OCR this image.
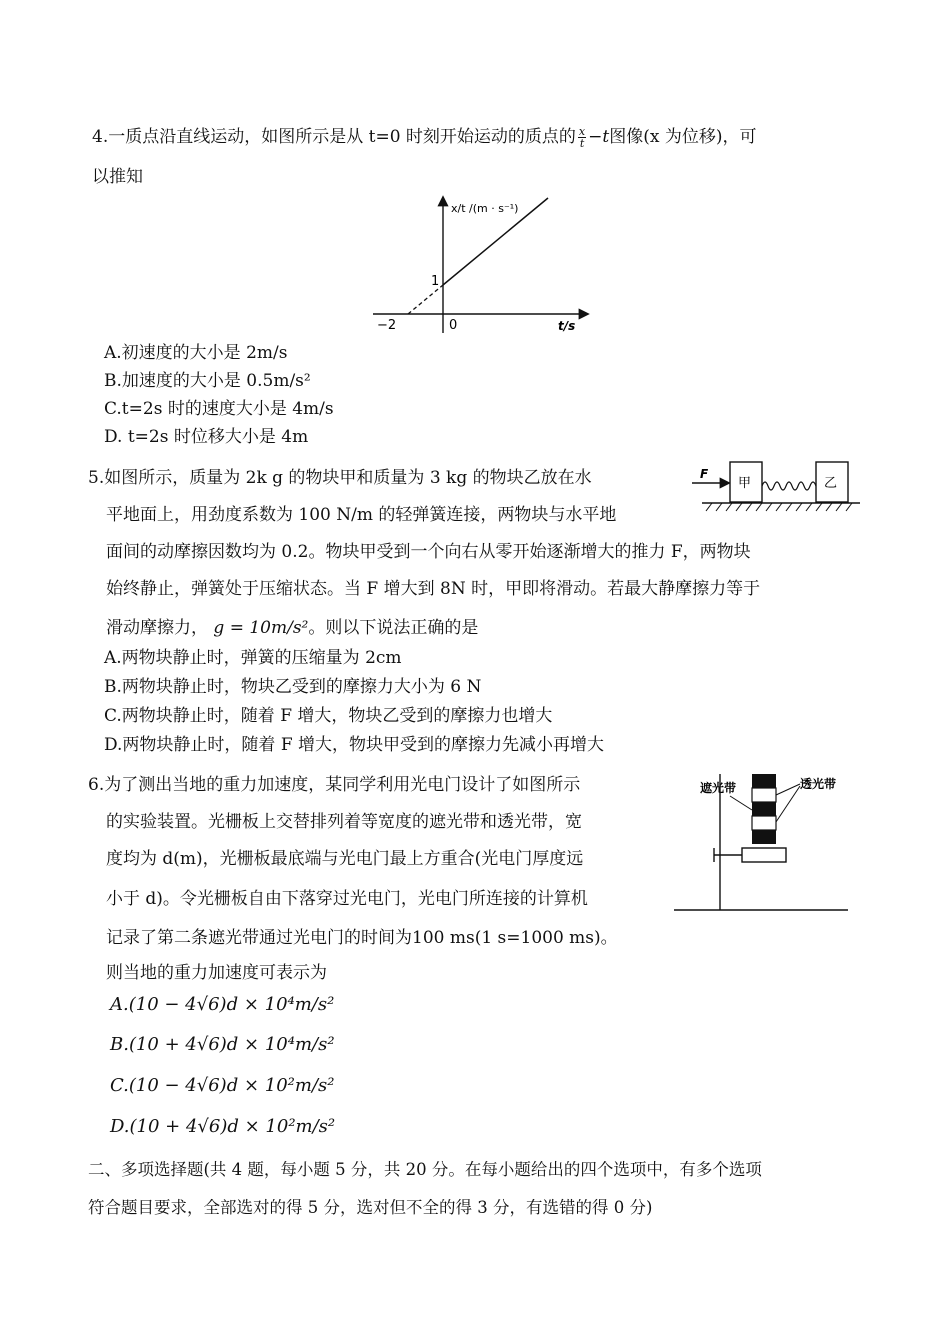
4.一质点沿直线运动，如图所示是从 t=0 时刻开始运动的质点的 $\frac{x}{t} -t$图像(x 为位移)，可
以推知
x/t /(m · s⁻¹)
t/s
1
−2	0
A.初速度的大小是 2m/s
B.加速度的大小是 0.5m/s²
C.t=2s 时的速度大小是 4m/s
D. t=2s 时位移大小是 4m
5.如图所示，质量为 2k g 的物块甲和质量为 3 kg 的物块乙放在水
平地面上，用劲度系数为 100 N/m 的轻弹簧连接，两物块与水平地
面间的动摩擦因数均为 0.2。物块甲受到一个向右从零开始逐渐增大的推力 F，两物块
始终静止，弹簧处于压缩状态。当 F 增大到 8N 时，甲即将滑动。若最大静摩擦力等于
滑动摩擦力， g = 10m/s²。则以下说法正确的是
F
甲	乙
A.两物块静止时，弹簧的压缩量为 2cm
B.两物块静止时，物块乙受到的摩擦力大小为 6 N
C.两物块静止时，随着 F 增大，物块乙受到的摩擦力也增大
D.两物块静止时，随着 F 增大，物块甲受到的摩擦力先减小再增大
6.为了测出当地的重力加速度，某同学利用光电门设计了如图所示
的实验装置。光栅板上交替排列着等宽度的遮光带和透光带，宽
度均为 d(m)，光栅板最底端与光电门最上方重合(光电门厚度远
小于 d)。令光栅板自由下落穿过光电门，光电门所连接的计算机
记录了第二条遮光带通过光电门的时间为100 ms(1 s=1000 ms)。
则当地的重力加速度可表示为
遮光带	透光带
A.(10 − 4√6)d × 10⁴m/s²
B.(10 + 4√6)d × 10⁴m/s²
C.(10 − 4√6)d × 10²m/s²
D.(10 + 4√6)d × 10²m/s²
二、多项选择题(共 4 题，每小题 5 分，共 20 分。在每小题给出的四个选项中，有多个选项
符合题目要求，全部选对的得 5 分，选对但不全的得 3 分，有选错的得 0 分)
